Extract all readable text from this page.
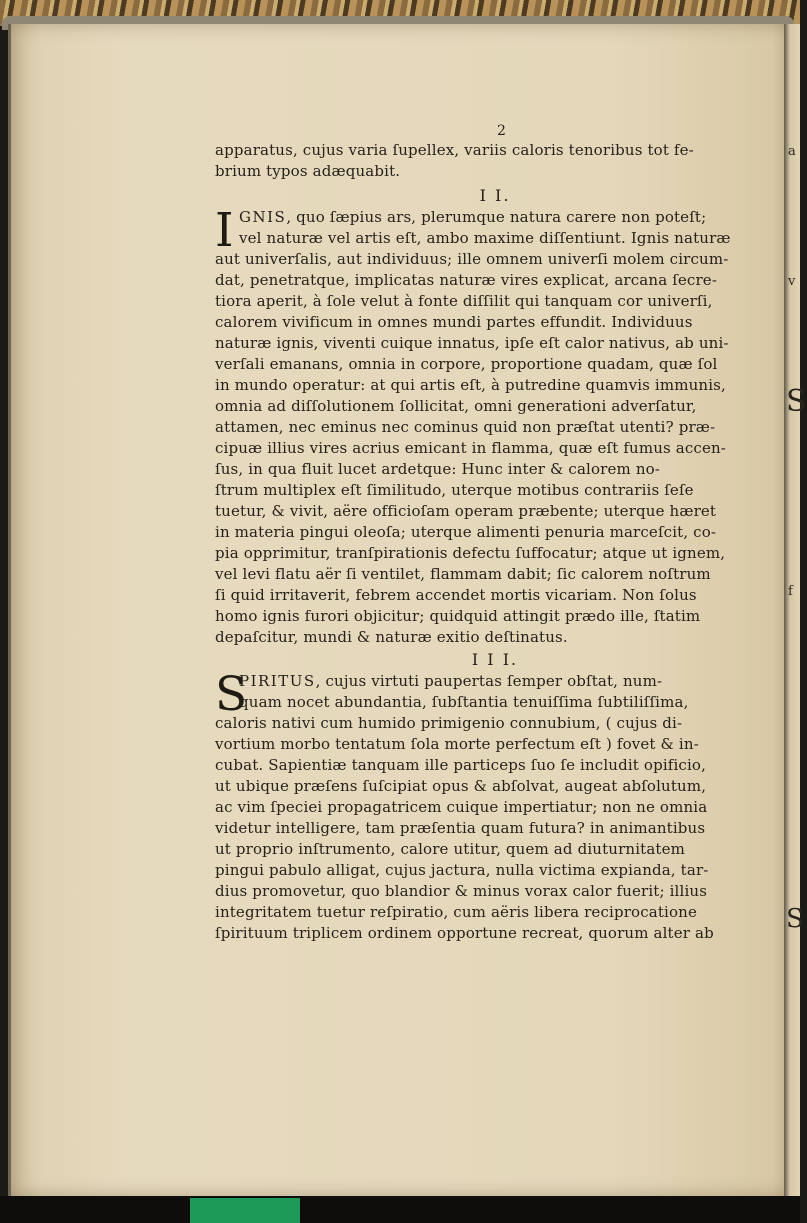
a
v
S
f
S
2
apparatus, cujus varia ſupellex, variis caloris tenoribus tot fe-
brium typos adæquabit.
I I.
I GNIS, quo ſæpius ars, plerumque natura carere non poteſt;
vel naturæ vel artis eſt, ambo maxime diſſentiunt. Ignis naturæ
aut univerſalis, aut individuus; ille omnem univerſi molem circum-
dat, penetratque, implicatas naturæ vires explicat, arcana ſecre-
tiora aperit, à ſole velut à fonte diſſilit qui tanquam cor univerſi,
calorem vivificum in omnes mundi partes effundit. Individuus
naturæ ignis, viventi cuique innatus, ipſe eſt calor nativus, ab uni-
verſali emanans, omnia in corpore, proportione quadam, quæ ſol
in mundo operatur: at qui artis eſt, à putredine quamvis immunis,
omnia ad diſſolutionem ſollicitat, omni generationi adverſatur,
attamen, nec eminus nec cominus quid non præſtat utenti? præ-
cipuæ illius vires acrius emicant in flamma, quæ eſt fumus accen-
ſus, in qua fluit lucet ardetque: Hunc inter & calorem no-
ſtrum multiplex eſt ſimilitudo, uterque motibus contrariis ſeſe
tuetur, & vivit, aëre officioſam operam præbente; uterque hæret
in materia pingui oleoſa; uterque alimenti penuria marceſcit, co-
pia opprimitur, tranſpirationis defectu ſuffocatur; atque ut ignem,
vel levi flatu aër ſi ventilet, flammam dabit; ſic calorem noſtrum
ſi quid irritaverit, febrem accendet mortis vicariam. Non ſolus
homo ignis furori objicitur; quidquid attingit prædo ille, ſtatim
depaſcitur, mundi & naturæ exitio deſtinatus.
I I I.
S
PIRITUS, cujus virtuti paupertas ſemper obſtat, num-
quam nocet abundantia, ſubſtantia tenuiſſima ſubtiliſſima,
caloris nativi cum humido primigenio connubium, ( cujus di-
vortium morbo tentatum ſola morte perfectum eſt ) fovet & in-
cubat. Sapientiæ tanquam ille particeps ſuo ſe includit opificio,
ut ubique præſens ſuſcipiat opus & abſolvat, augeat abſolutum,
ac vim ſpeciei propagatricem cuique impertiatur; non ne omnia
videtur intelligere, tam præſentia quam futura? in animantibus
ut proprio inſtrumento, calore utitur, quem ad diuturnitatem
pingui pabulo alligat, cujus jactura, nulla victima expianda, tar-
dius promovetur, quo blandior & minus vorax calor fuerit; illius
integritatem tuetur reſpiratio, cum aëris libera reciprocatione
ſpirituum triplicem ordinem opportune recreat, quorum alter ab
